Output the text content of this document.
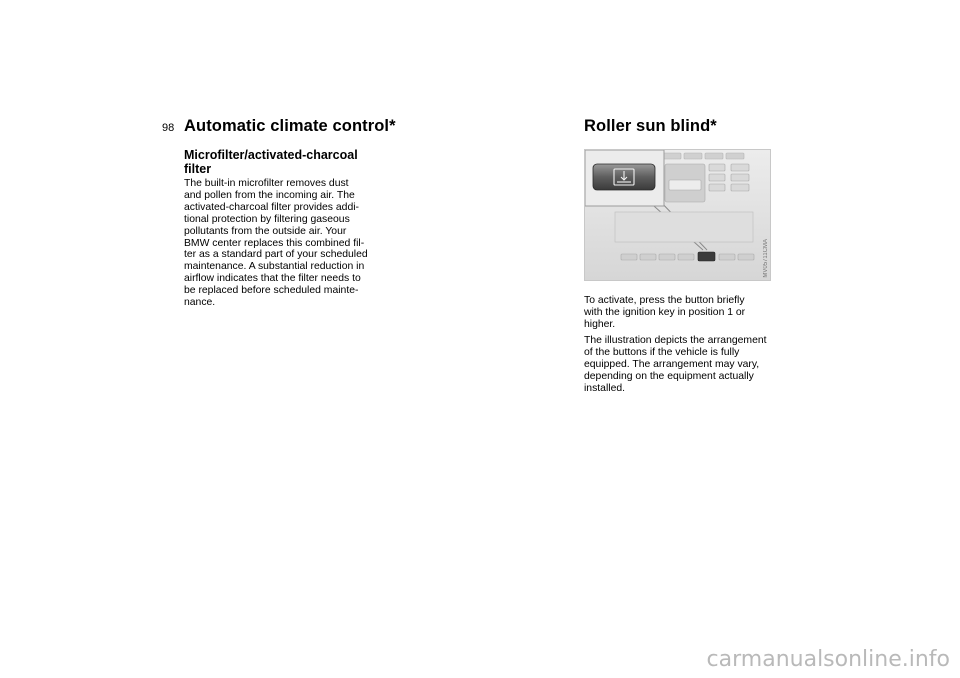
98 Automatic climate control*
Microfilter/activated-charcoal
filter

The built-in microfilter removes dust
and pollen from the incoming air. The
activated-charcoal filter provides addi-
tional protection by filtering gaseous
pollutants from the outside air. Your
BMW center replaces this combined fil-
ter as a standard part of your scheduled
maintenance. A substantial reduction in
airflow indicates that the filter needs to
be replaced before scheduled mainte-
nance.

Roller sun blind*
MV05711CMA

To activate, press the button briefly
with the ignition key in position 1 or
higher.

The illustration depicts the arrangement
of the buttons if the vehicle is fully
equipped. The arrangement may vary,
depending on the equipment actually
installed.

carmanualsonline.info
